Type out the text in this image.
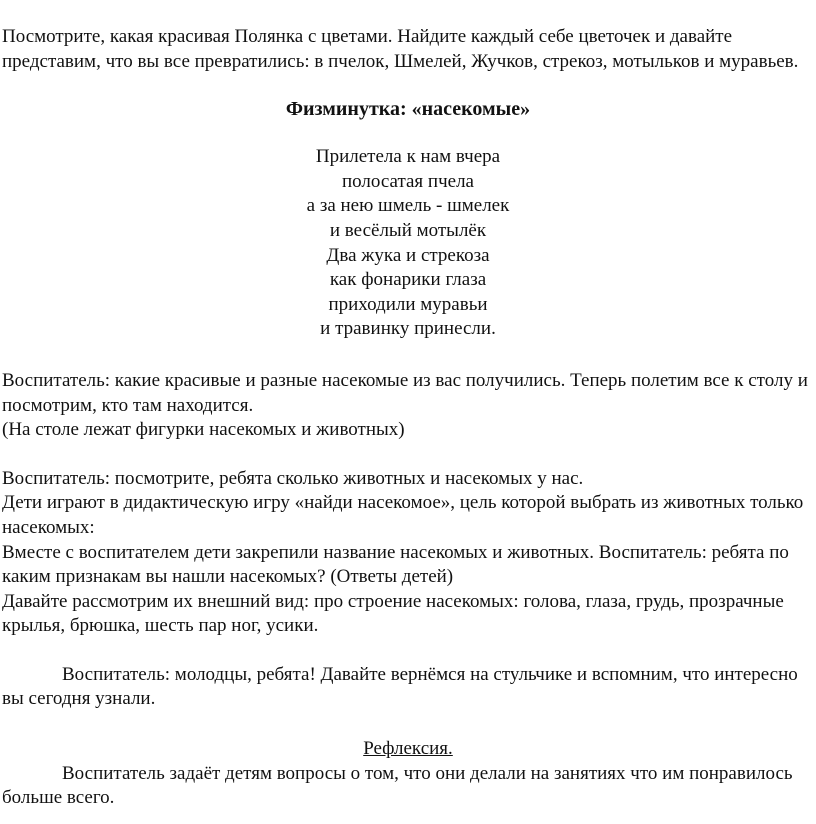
Посмотрите, какая красивая Полянка с цветами. Найдите каждый себе цветочек и давайте представим, что вы все превратились: в пчелок, Шмелей, Жучков, стрекоз, мотыльков и муравьев.

Физминутка: «насекомые»
Прилетела к нам вчера
полосатая пчела
а за нею шмель - шмелек
и весёлый мотылёк
Два жука и стрекоза
как фонарики глаза
приходили муравьи
и травинку принесли.

Воспитатель: какие красивые и разные насекомые из вас получились. Теперь полетим все к столу и посмотрим, кто там находится.

(На столе лежат фигурки насекомых и животных)

Воспитатель: посмотрите, ребята сколько животных и насекомых у нас.

Дети играют в дидактическую игру «найди насекомое», цель которой выбрать из животных только насекомых:

Вместе с воспитателем дети закрепили название насекомых и животных. Воспитатель: ребята по каким признакам вы нашли насекомых? (Ответы детей)

Давайте рассмотрим их внешний вид: про строение насекомых: голова, глаза, грудь, прозрачные крылья, брюшка, шесть пар ног, усики.

Воспитатель: молодцы, ребята! Давайте вернёмся на стульчике и вспомним, что интересно вы сегодня узнали.

Рефлексия.

Воспитатель задаёт детям вопросы о том, что они делали на занятиях что им понравилось больше всего.
